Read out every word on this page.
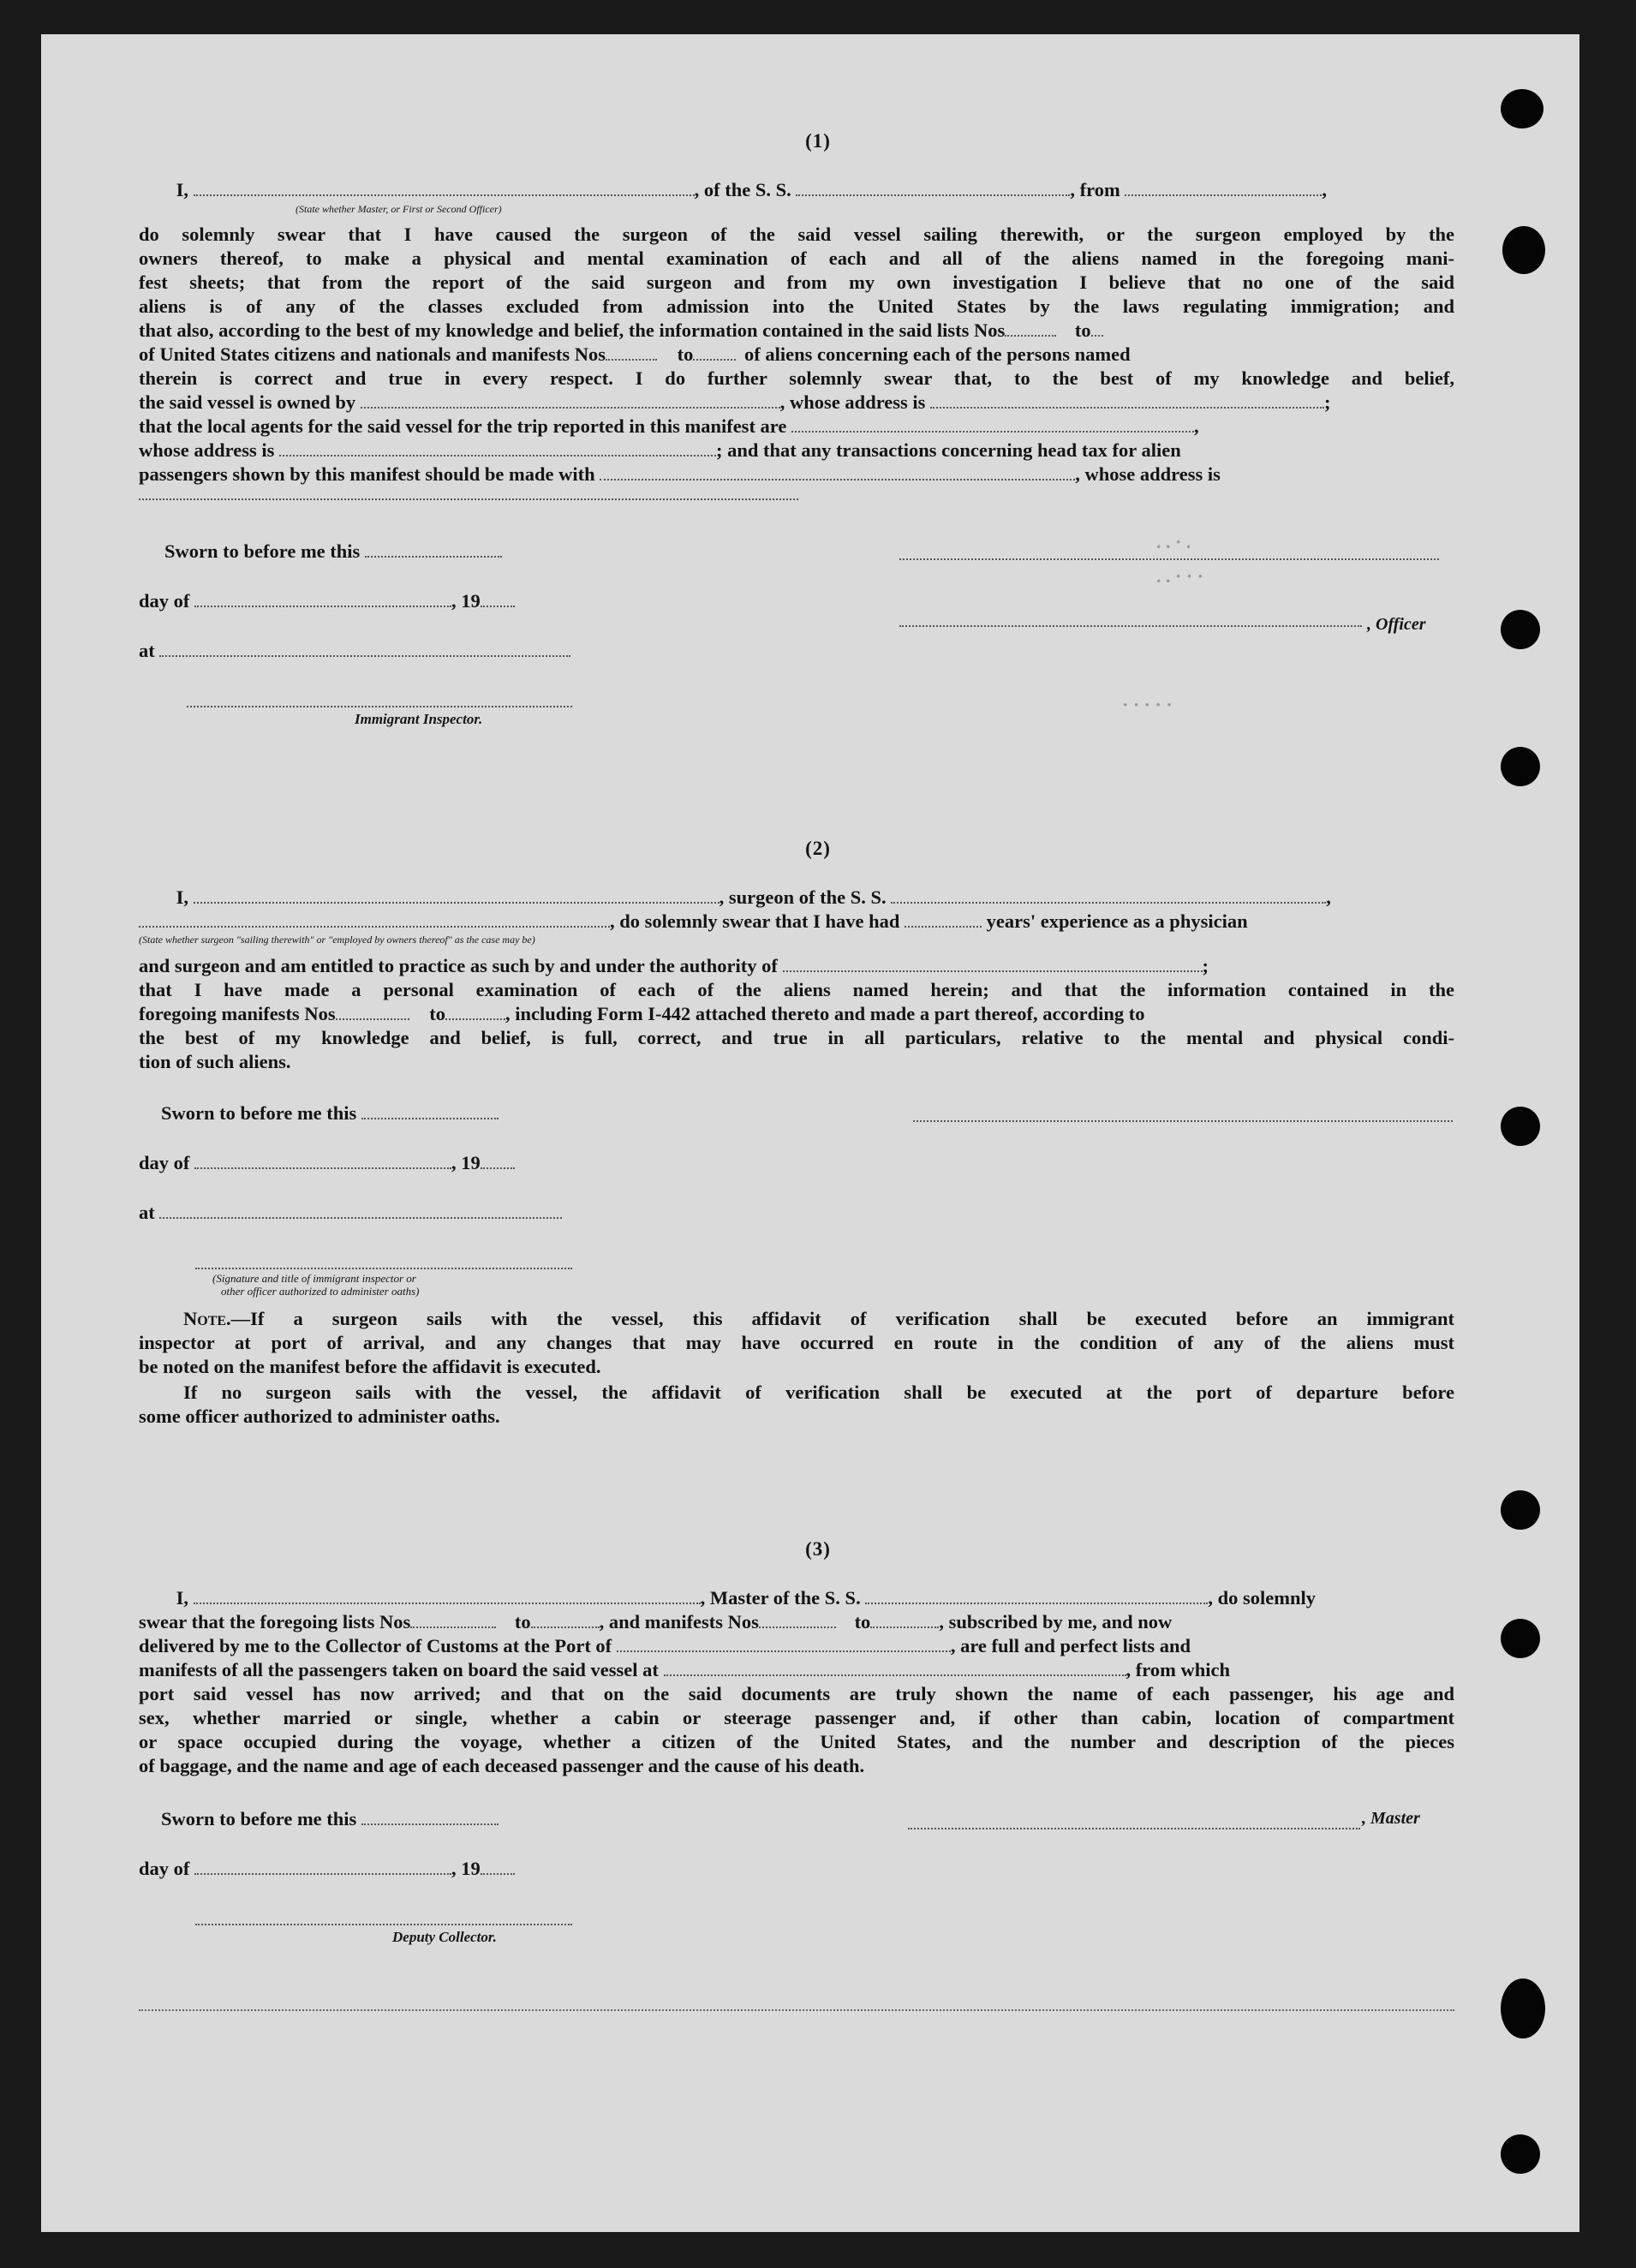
(1)
I,	, of the S. S.	, from	,
(State whether Master, or First or Second Officer)
do solemnly swear that I have caused the surgeon of the said vessel sailing therewith, or the surgeon employed by the
owners thereof, to make a physical and mental examination of each and all of the aliens named in the foregoing mani-
fest sheets; that from the report of the said surgeon and from my own investigation I believe that no one of the said
aliens is of any of the classes excluded from admission into the United States by the laws regulating immigration; and
that also, according to the best of my knowledge and belief, the information contained in the said lists Nos	to
of United States citizens and nationals and manifests Nos	to	of aliens concerning each of the persons named
therein is correct and true in every respect. I do further solemnly swear that, to the best of my knowledge and belief,
the said vessel is owned by	, whose address is	;
that the local agents for the said vessel for the trip reported in this manifest are	,
whose address is	; and that any transactions concerning head tax for alien
passengers shown by this manifest should be made with	, whose address is
Sworn to before me this
day of	, 19
, Officer
at
Immigrant Inspector.
. . · .
. . · · ·
· · · · ·
(2)
I,	, surgeon of the S. S.	,
, do solemnly swear that I have had	years' experience as a physician
(State whether surgeon "sailing therewith" or "employed by owners thereof" as the case may be)
and surgeon and am entitled to practice as such by and under the authority of	;
that I have made a personal examination of each of the aliens named herein; and that the information contained in the
foregoing manifests Nos	to	, including Form I-442 attached thereto and made a part thereof, according to
the best of my knowledge and belief, is full, correct, and true in all particulars, relative to the mental and physical condi-
tion of such aliens.
Sworn to before me this
day of	, 19
at
(Signature and title of immigrant inspector or
other officer authorized to administer oaths)
Note.—If a surgeon sails with the vessel, this affidavit of verification shall be executed before an immigrant
inspector at port of arrival, and any changes that may have occurred en route in the condition of any of the aliens must
be noted on the manifest before the affidavit is executed.
If no surgeon sails with the vessel, the affidavit of verification shall be executed at the port of departure before
some officer authorized to administer oaths.
(3)
I,	, Master of the S. S.	, do solemnly
swear that the foregoing lists Nos	to	, and manifests Nos	to	, subscribed by me, and now
delivered by me to the Collector of Customs at the Port of	, are full and perfect lists and
manifests of all the passengers taken on board the said vessel at	, from which
port said vessel has now arrived; and that on the said documents are truly shown the name of each passenger, his age and
sex, whether married or single, whether a cabin or steerage passenger and, if other than cabin, location of compartment
or space occupied during the voyage, whether a citizen of the United States, and the number and description of the pieces
of baggage, and the name and age of each deceased passenger and the cause of his death.
Sworn to before me this	, Master
day of	, 19
Deputy Collector.
